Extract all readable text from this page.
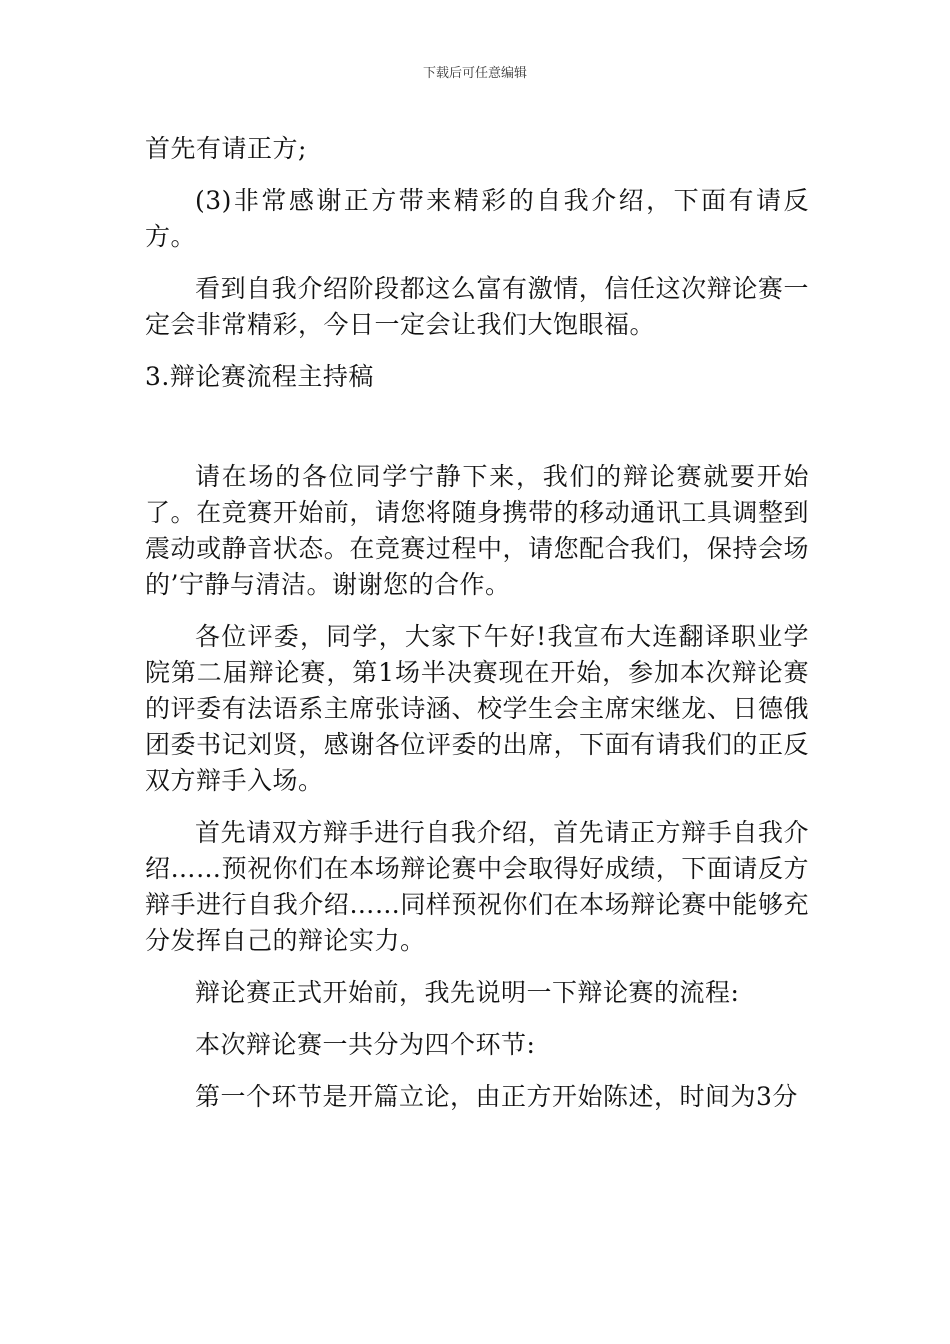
下载后可任意编辑

首先有请正方;

(3)非常感谢正方带来精彩的自我介绍，下面有请反方。

看到自我介绍阶段都这么富有激情，信任这次辩论赛一定会非常精彩，今日一定会让我们大饱眼福。

3.辩论赛流程主持稿

请在场的各位同学宁静下来，我们的辩论赛就要开始了。在竞赛开始前，请您将随身携带的移动通讯工具调整到震动或静音状态。在竞赛过程中，请您配合我们，保持会场的’宁静与清洁。谢谢您的合作。

各位评委，同学，大家下午好!我宣布大连翻译职业学院第二届辩论赛，第1场半决赛现在开始，参加本次辩论赛的评委有法语系主席张诗涵、校学生会主席宋继龙、日德俄团委书记刘贤，感谢各位评委的出席，下面有请我们的正反双方辩手入场。

首先请双方辩手进行自我介绍，首先请正方辩手自我介绍……预祝你们在本场辩论赛中会取得好成绩，下面请反方辩手进行自我介绍……同样预祝你们在本场辩论赛中能够充分发挥自己的辩论实力。

辩论赛正式开始前，我先说明一下辩论赛的流程:

本次辩论赛一共分为四个环节:

第一个环节是开篇立论，由正方开始陈述，时间为3分
